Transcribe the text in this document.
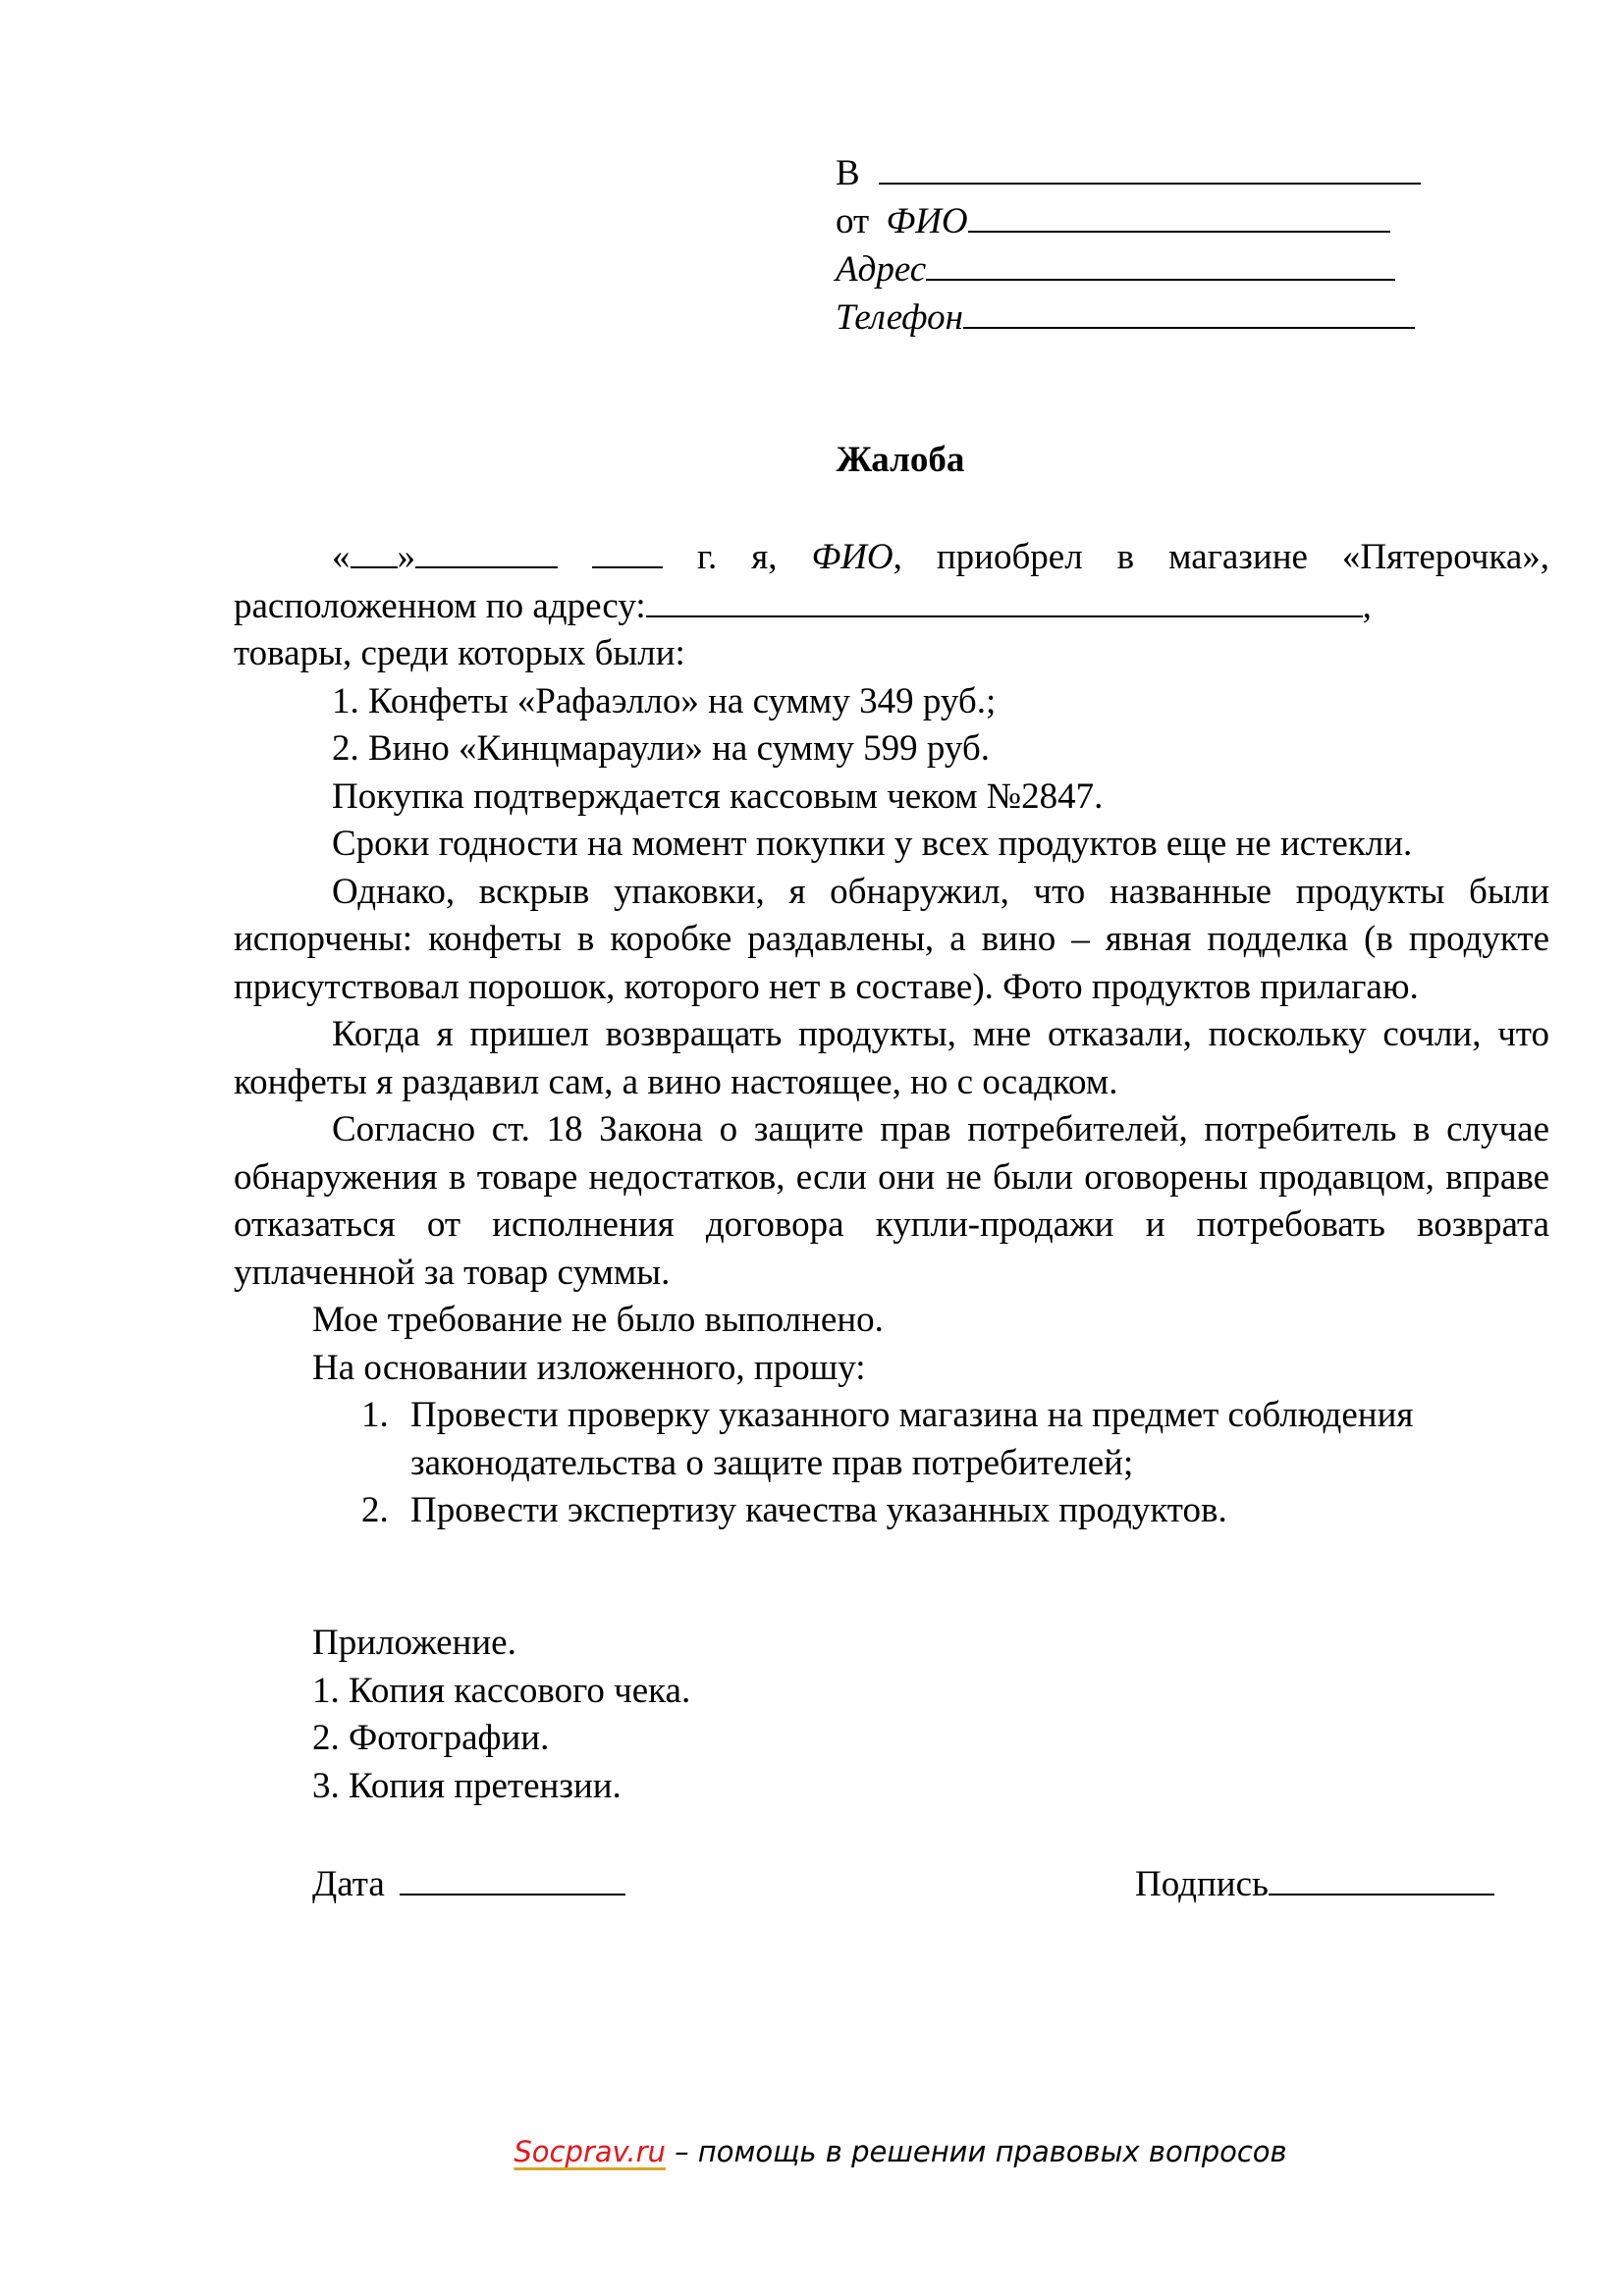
В
от ФИО
Адрес
Телефон
Жалоба

« »	г. я, ФИО, приобрел в магазине «Пятерочка»,

расположенном по адресу:	,

товары, среди которых были:

1. Конфеты «Рафаэлло» на сумму 349 руб.;

2. Вино «Кинцмараули» на сумму 599 руб.

Покупка подтверждается кассовым чеком №2847.

Сроки годности на момент покупки у всех продуктов еще не истекли.

Однако, вскрыв упаковки, я обнаружил, что названные продукты были испорчены: конфеты в коробке раздавлены, а вино – явная подделка (в продукте присутствовал порошок, которого нет в составе). Фото продуктов прилагаю.

Когда я пришел возвращать продукты, мне отказали, поскольку сочли, что конфеты я раздавил сам, а вино настоящее, но с осадком.

Согласно ст. 18 Закона о защите прав потребителей, потребитель в случае обнаружения в товаре недостатков, если они не были оговорены продавцом, вправе отказаться от исполнения договора купли-продажи и потребовать возврата уплаченной за товар суммы.

Мое требование не было выполнено.

На основании изложенного, прошу:

1. Провести проверку указанного магазина на предмет соблюдения законодательства о защите прав потребителей;
2. Провести экспертизу качества указанных продуктов.
Приложение.
1. Копия кассового чека.
2. Фотографии.
3. Копия претензии.
Дата	Подпись
Socprav.ru – помощь в решении правовых вопросов
